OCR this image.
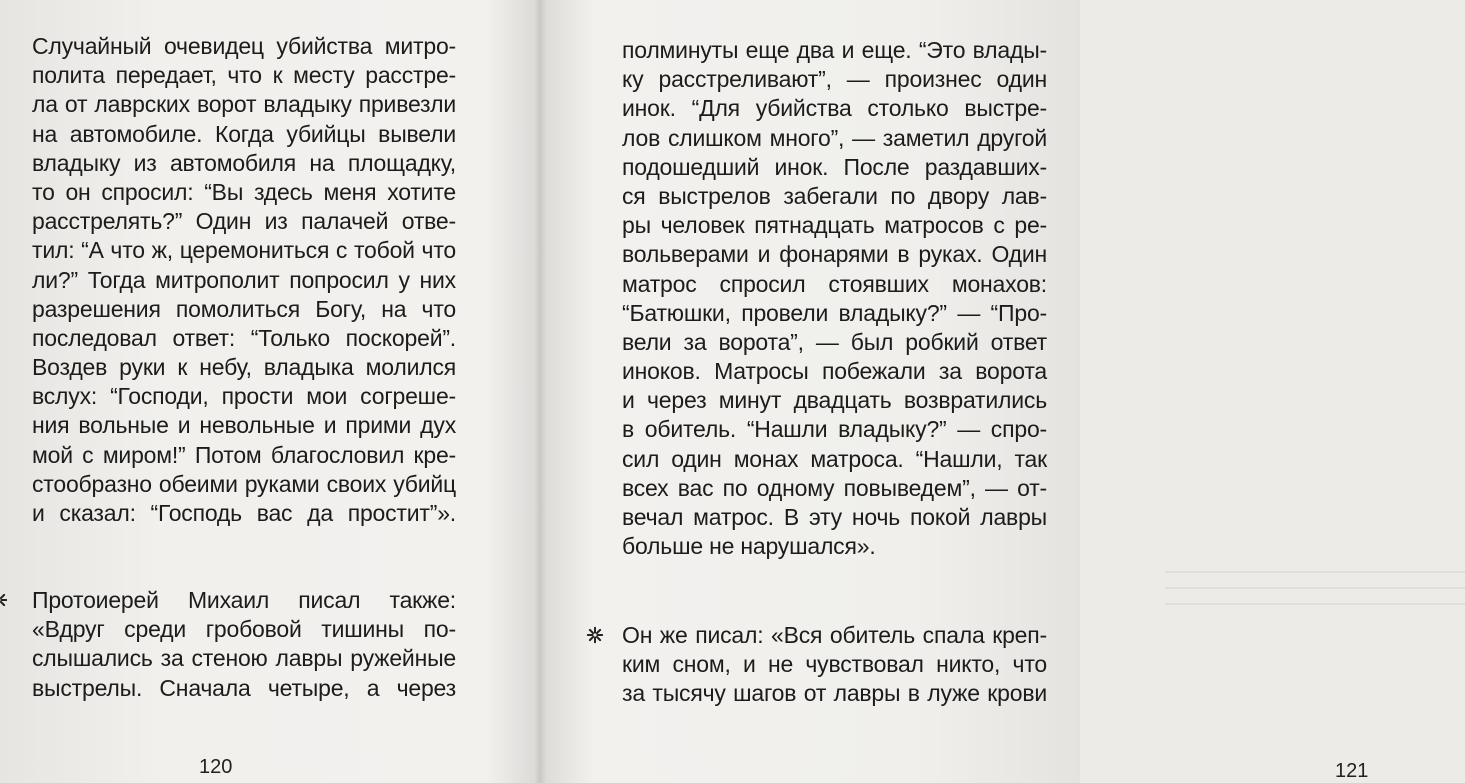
Случайный очевидец убийства митро-
полита передает, что к месту расстре-
ла от лаврских ворот владыку привезли
на автомобиле. Когда убийцы вывели
владыку из автомобиля на площадку,
то он спросил: “Вы здесь меня хотите
расстрелять?” Один из палачей отве-
тил: “А что ж, церемониться с тобой что
ли?” Тогда митрополит попросил у них
разрешения помолиться Богу, на что
последовал ответ: “Только поскорей”.
Воздев руки к небу, владыка молился
вслух: “Господи, прости мои согреше-
ния вольные и невольные и прими дух
мой с миром!” Потом благословил кре-
стообразно обеими руками своих убийц
и сказал: “Господь вас да простит”».
Протоиерей Михаил писал также:
«Вдруг среди гробовой тишины по-
слышались за стеною лавры ружейные
выстрелы. Сначала четыре, а через
120
полминуты еще два и еще. “Это влады-
ку расстреливают”, — произнес один
инок. “Для убийства столько выстре-
лов слишком много”, — заметил другой
подошедший инок. После раздавших-
ся выстрелов забегали по двору лав-
ры человек пятнадцать матросов с ре-
вольверами и фонарями в руках. Один
матрос спросил стоявших монахов:
“Батюшки, провели владыку?” — “Про-
вели за ворота”, — был робкий ответ
иноков. Матросы побежали за ворота
и через минут двадцать возвратились
в обитель. “Нашли владыку?” — спро-
сил один монах матроса. “Нашли, так
всех вас по одному повыведем”, — от-
вечал матрос. В эту ночь покой лавры
больше не нарушался».
121
Он же писал: «Вся обитель спала креп-
ким сном, и не чувствовал никто, что
за тысячу шагов от лавры в луже крови
